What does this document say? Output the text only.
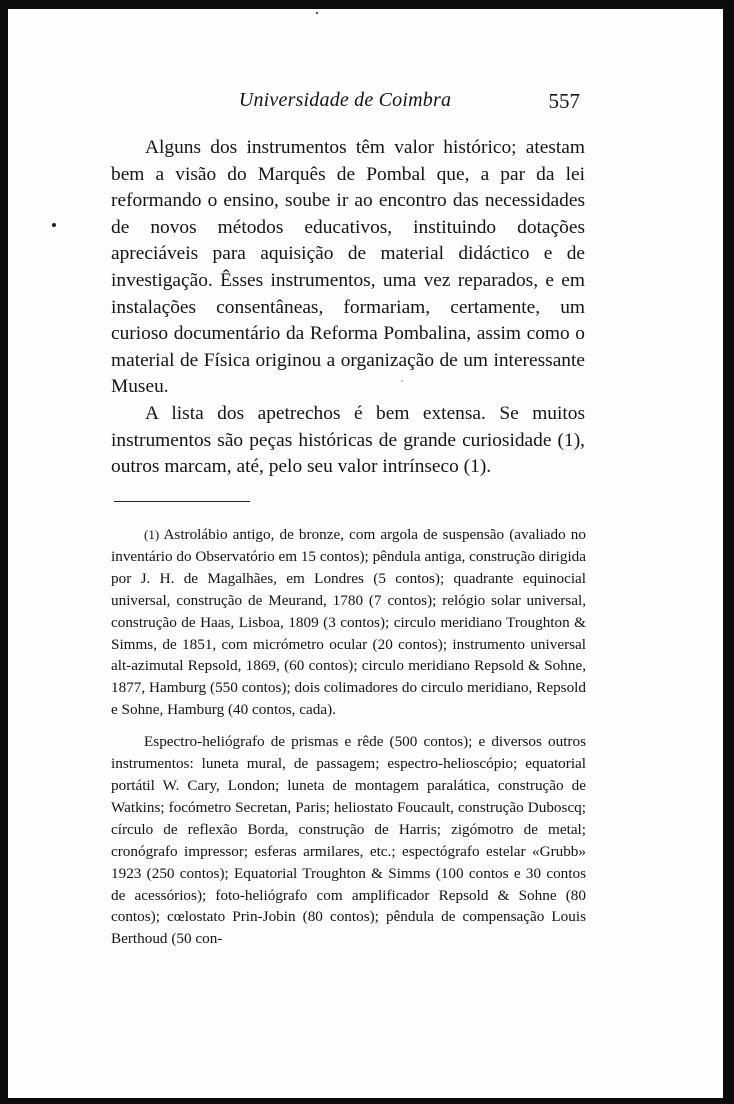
Universidade de Coimbra	557

Alguns dos instrumentos têm valor histórico; atestam bem a visão do Marquês de Pombal que, a par da lei reformando o ensino, soube ir ao encontro das necessidades de novos métodos educativos, instituindo dotações apreciáveis para aquisição de material didáctico e de investigação. Êsses instrumentos, uma vez reparados, e em instalações consentâneas, formariam, certamente, um curioso documentário da Reforma Pombalina, assim como o material de Física originou a organização de um interessante Museu.

A lista dos apetrechos é bem extensa. Se muitos instrumentos são peças históricas de grande curiosidade (1), outros marcam, até, pelo seu valor intrínseco (1).

(1) Astrolábio antigo, de bronze, com argola de suspensão (avaliado no inventário do Observatório em 15 contos); pêndula antiga, construção dirigida por J. H. de Magalhães, em Londres (5 contos); quadrante equinocial universal, construção de Meurand, 1780 (7 contos); relógio solar universal, construção de Haas, Lisboa, 1809 (3 contos); circulo meridiano Troughton & Simms, de 1851, com micrómetro ocular (20 contos); instrumento universal alt-azimutal Repsold, 1869, (60 contos); circulo meridiano Repsold & Sohne, 1877, Hamburg (550 contos); dois colimadores do circulo meridiano, Repsold e Sohne, Hamburg (40 contos, cada).

Espectro-heliógrafo de prismas e rêde (500 contos); e diversos outros instrumentos: luneta mural, de passagem; espectro-helioscópio; equatorial portátil W. Cary, London; luneta de montagem paralática, construção de Watkins; focómetro Secretan, Paris; heliostato Foucault, construção Duboscq; círculo de reflexão Borda, construção de Harris; zigómotro de metal; cronógrafo impressor; esferas armilares, etc.; espectógrafo estelar «Grubb» 1923 (250 contos); Equatorial Troughton & Simms (100 contos e 30 contos de acessórios); foto-heliógrafo com amplificador Repsold & Sohne (80 contos); cœlostato Prin-Jobin (80 contos); pêndula de compensação Louis Berthoud (50 con-
